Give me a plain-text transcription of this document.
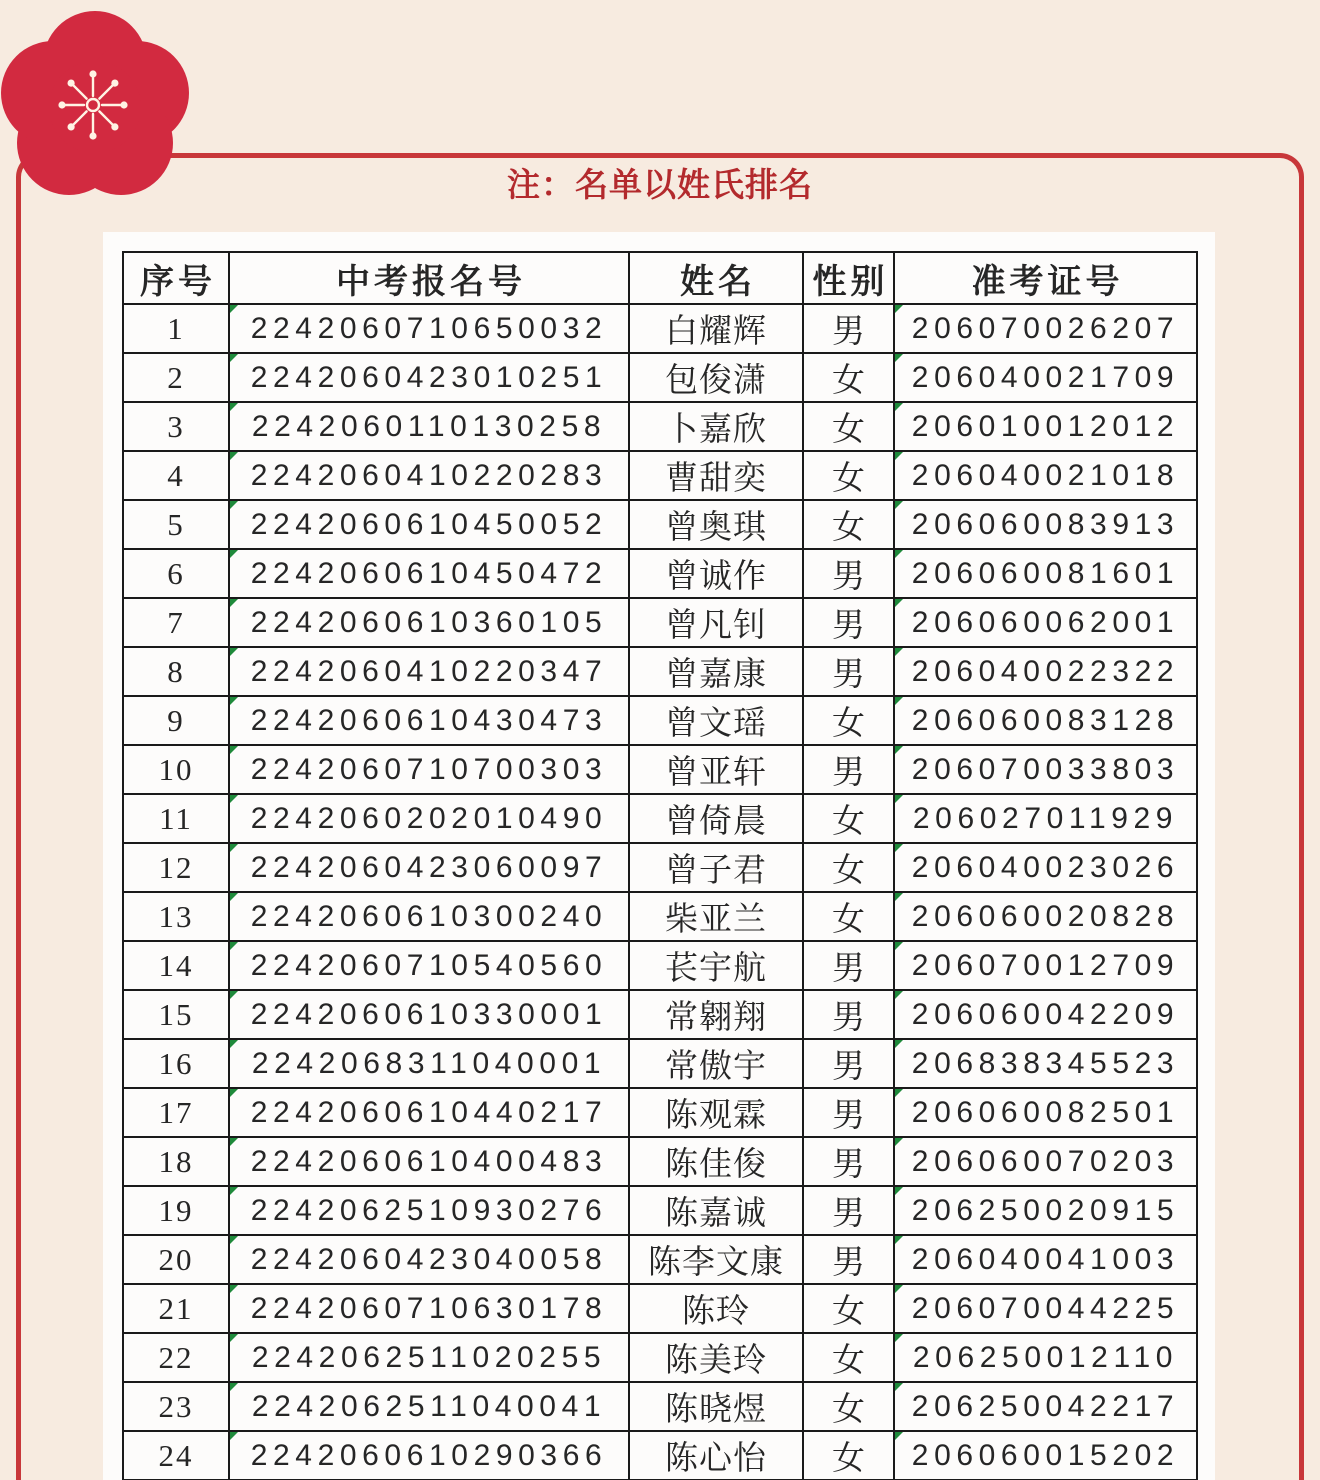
注：名单以姓氏排名
序号	中考报名号	姓名	性别	准考证号
1	2242060710650032	白耀辉	男	206070026207
2	2242060423010251	包俊潇	女	206040021709
3	2242060110130258	卜嘉欣	女	206010012012
4	2242060410220283	曹甜奕	女	206040021018
5	2242060610450052	曾奥琪	女	206060083913
6	2242060610450472	曾诚作	男	206060081601
7	2242060610360105	曾凡钊	男	206060062001
8	2242060410220347	曾嘉康	男	206040022322
9	2242060610430473	曾文瑶	女	206060083128
10	2242060710700303	曾亚轩	男	206070033803
11	2242060202010490	曾倚晨	女	206027011929
12	2242060423060097	曾子君	女	206040023026
13	2242060610300240	柴亚兰	女	206060020828
14	2242060710540560	苌宇航	男	206070012709
15	2242060610330001	常翱翔	男	206060042209
16	2242068311040001	常傲宇	男	206838345523
17	2242060610440217	陈观霖	男	206060082501
18	2242060610400483	陈佳俊	男	206060070203
19	2242062510930276	陈嘉诚	男	206250020915
20	2242060423040058	陈李文康	男	206040041003
21	2242060710630178	陈玲	女	206070044225
22	2242062511020255	陈美玲	女	206250012110
23	2242062511040041	陈晓煜	女	206250042217
24	2242060610290366	陈心怡	女	206060015202
